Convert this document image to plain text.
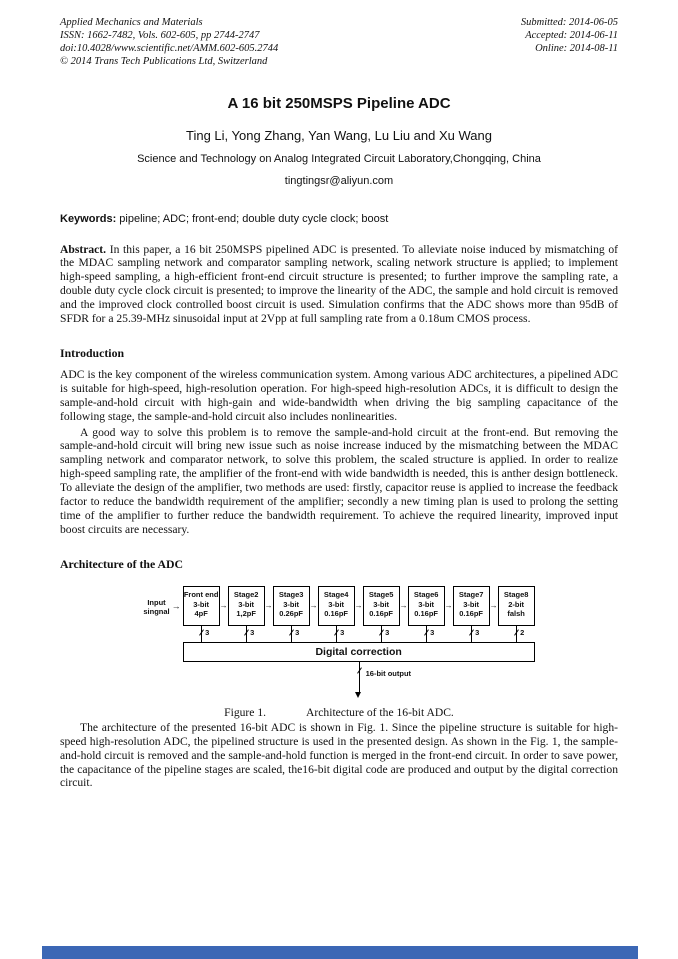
Applied Mechanics and Materials
ISSN: 1662-7482, Vols. 602-605, pp 2744-2747
doi:10.4028/www.scientific.net/AMM.602-605.2744
© 2014 Trans Tech Publications Ltd, Switzerland
Submitted: 2014-06-05
Accepted: 2014-06-11
Online: 2014-08-11
A 16 bit 250MSPS Pipeline ADC
Ting Li, Yong Zhang, Yan Wang, Lu Liu and Xu Wang
Science and Technology on Analog Integrated Circuit Laboratory,Chongqing, China
tingtingsr@aliyun.com
Keywords: pipeline; ADC; front-end; double duty cycle clock; boost
Abstract. In this paper, a 16 bit 250MSPS pipelined ADC is presented. To alleviate noise induced by mismatching of the MDAC sampling network and comparator sampling network, scaling network structure is applied; to implement high-speed sampling, a high-efficient front-end circuit structure is presented; to further improve the sampling rate, a double duty cycle clock circuit is presented; to improve the linearity of the ADC, the sample and hold circuit is removed and the improved clock controlled boost circuit is used. Simulation confirms that the ADC shows more than 95dB of SFDR for a 25.39-MHz sinusoidal input at 2Vpp at full sampling rate from a 0.18um CMOS process.
Introduction
ADC is the key component of the wireless communication system. Among various ADC architectures, a pipelined ADC is suitable for high-speed, high-resolution operation. For high-speed high-resolution ADCs, it is difficult to design the sample-and-hold circuit with high-gain and wide-bandwidth when driving the big sampling capacitance of the following stage, the sample-and-hold circuit also includes nonlinearities.
A good way to solve this problem is to remove the sample-and-hold circuit at the front-end. But removing the sample-and-hold circuit will bring new issue such as noise increase induced by the mismatching between the MDAC sampling network and comparator network, to solve this problem, the scaled structure is applied. In order to realize high-speed sampling rate, the amplifier of the front-end with wide bandwidth is needed, this is anther design bottleneck. To alleviate the design of the amplifier, two methods are used: firstly, capacitor reuse is applied to increase the feedback factor to reduce the bandwidth requirement of the amplifier; secondly a new timing plan is used to prolong the setting time of the amplifier to further reduce the bandwidth requirement. To achieve the required linearity, improved input boost circuits are necessary.
Architecture of the ADC
Input
singnal
→
Front end
3-bit
4pF
→
Stage2
3-bit
1,2pF
→
Stage3
3-bit
0.26pF
→
Stage4
3-bit
0.16pF
→
Stage5
3-bit
0.16pF
→
Stage6
3-bit
0.16pF
→
Stage7
3-bit
0.16pF
→
Stage8
2-bit
falsh
3	3	3	3	3	3	3	2
Digital correction
16-bit output
Figure 1.	Architecture of the 16-bit ADC.
The architecture of the presented 16-bit ADC is shown in Fig. 1. Since the pipeline structure is suitable for high-speed high-resolution ADC, the pipelined structure is used in the presented design. As shown in the Fig. 1, the sample-and-hold circuit is removed and the sample-and-hold function is merged in the front-end circuit. In order to save power, the capacitance of the pipeline stages are scaled, the16-bit digital code are produced and output by the digital correction circuit.
